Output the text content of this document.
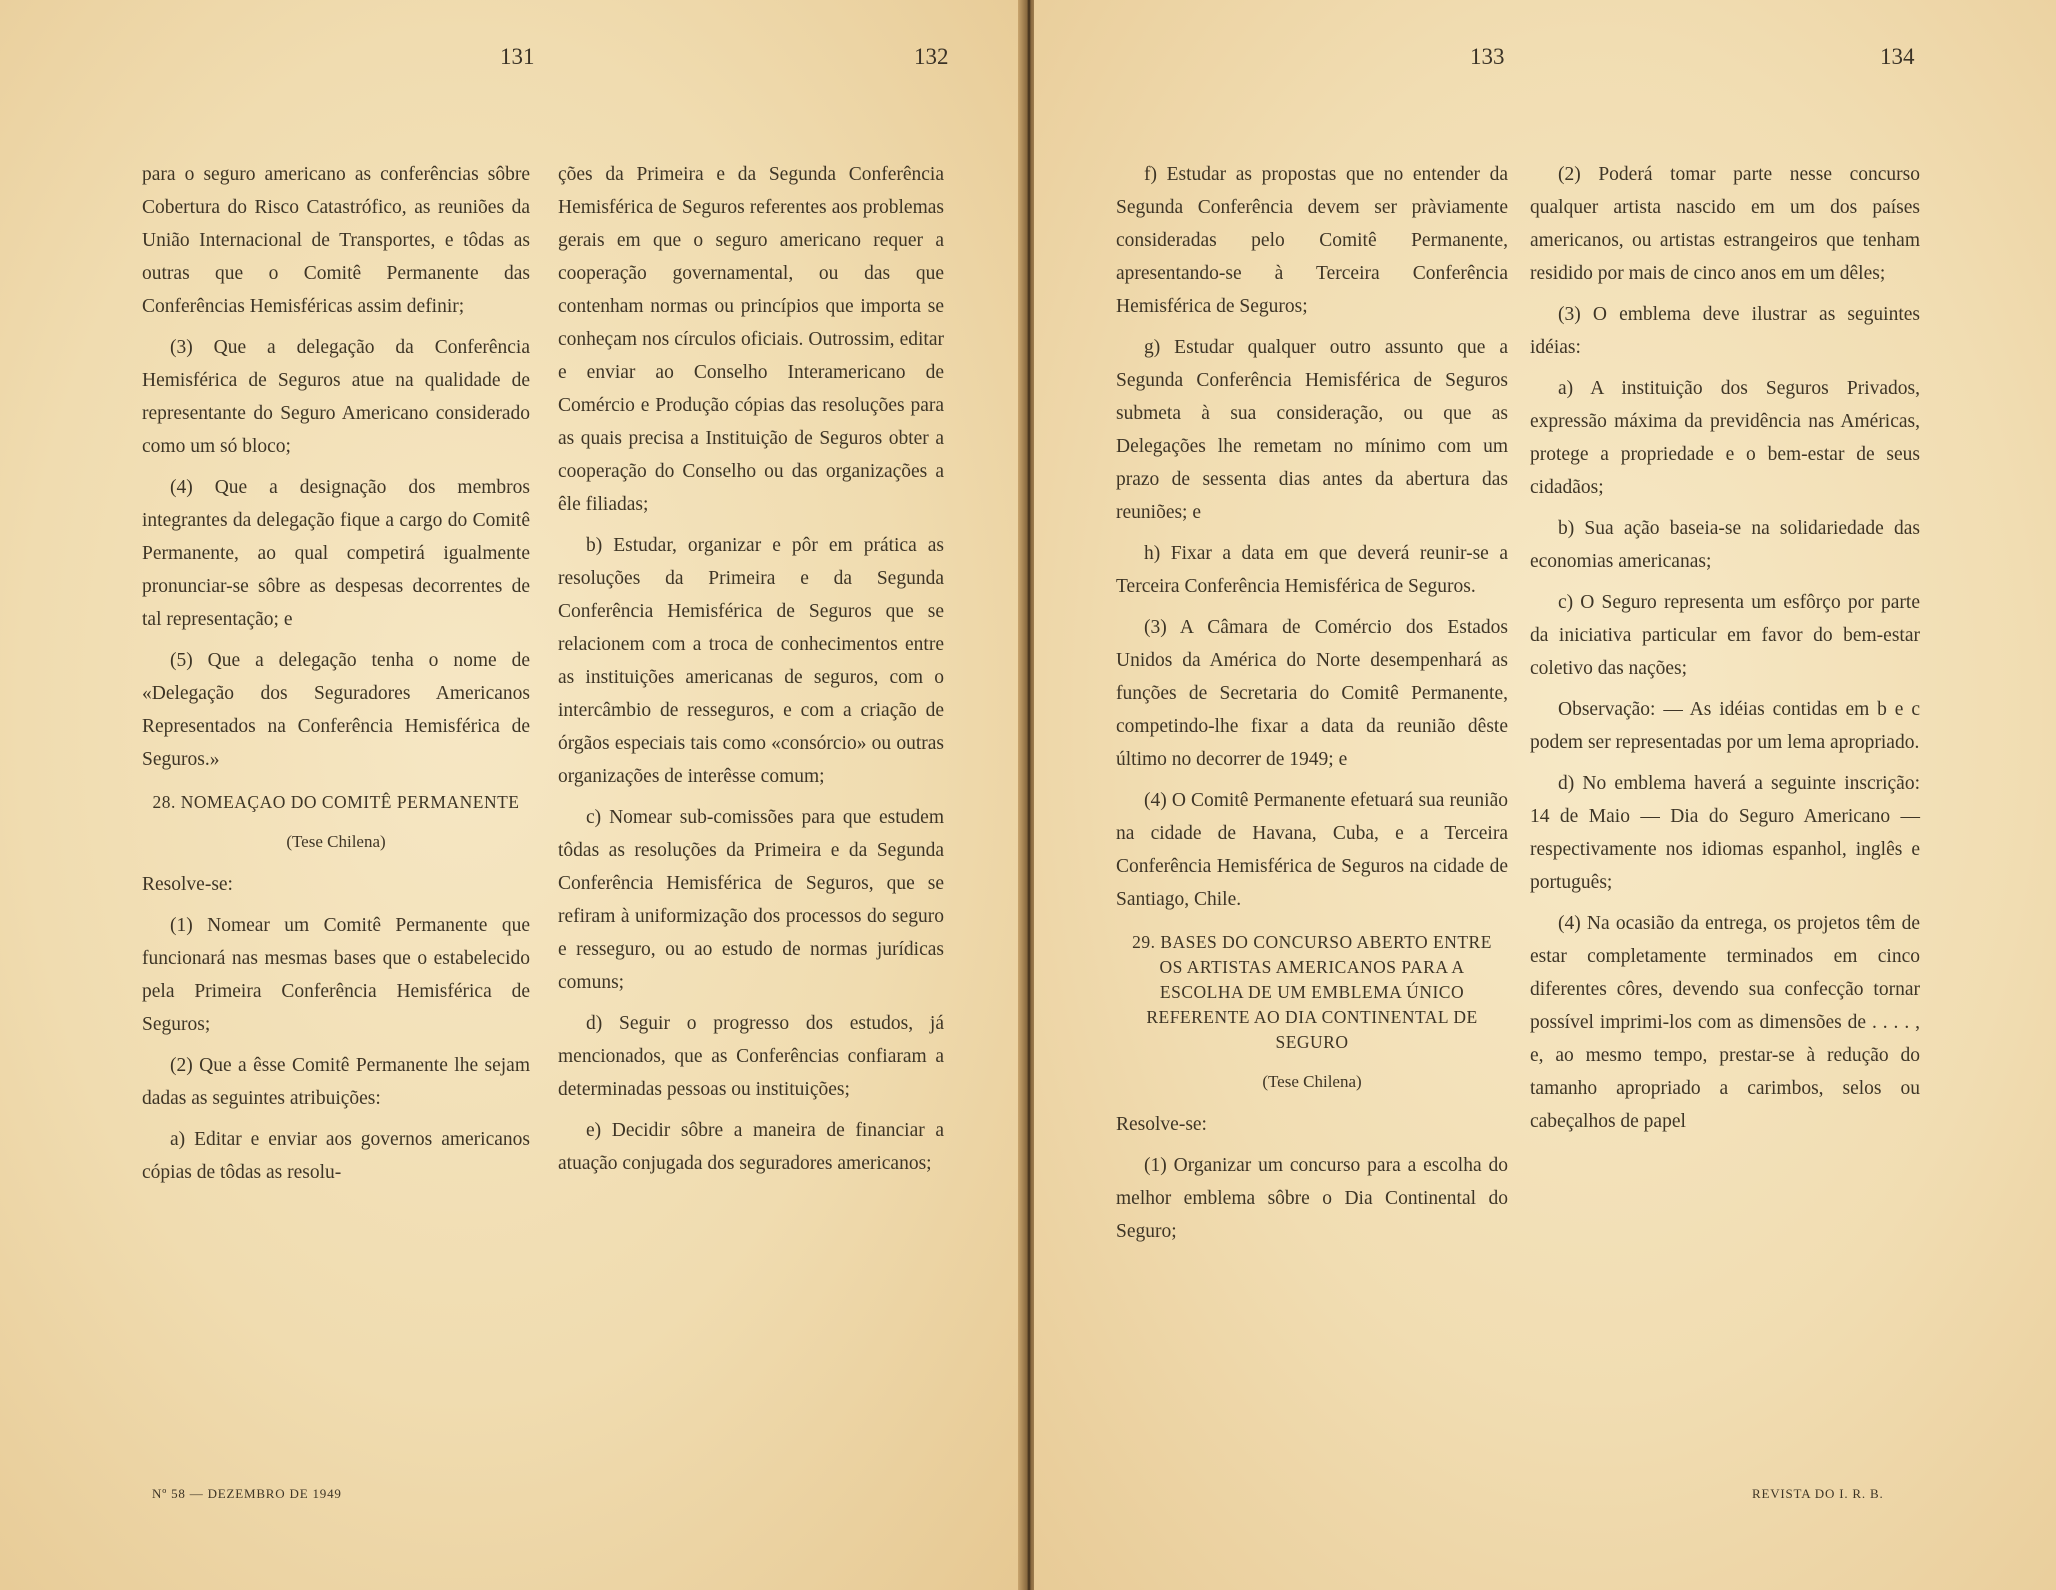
131	132

para o seguro americano as conferências sôbre Cobertura do Risco Catastrófico, as reuniões da União Internacional de Transportes, e tôdas as outras que o Comitê Permanente das Conferências Hemisféricas assim definir;

(3) Que a delegação da Conferência Hemisférica de Seguros atue na qualidade de representante do Seguro Americano considerado como um só bloco;

(4) Que a designação dos membros integrantes da delegação fique a cargo do Comitê Permanente, ao qual competirá igualmente pronunciar-se sôbre as despesas decorrentes de tal representação; e

(5) Que a delegação tenha o nome de «Delegação dos Seguradores Americanos Representados na Conferência Hemisférica de Seguros.»

28. NOMEAÇAO DO COMITÊ PERMANENTE
(Tese Chilena)

Resolve-se:

(1) Nomear um Comitê Permanente que funcionará nas mesmas bases que o estabelecido pela Primeira Conferência Hemisférica de Seguros;

(2) Que a êsse Comitê Permanente lhe sejam dadas as seguintes atribuições:

a) Editar e enviar aos governos americanos cópias de tôdas as resolu-

ções da Primeira e da Segunda Conferência Hemisférica de Seguros referentes aos problemas gerais em que o seguro americano requer a cooperação governamental, ou das que contenham normas ou princípios que importa se conheçam nos círculos oficiais. Outrossim, editar e enviar ao Conselho Interamericano de Comércio e Produção cópias das resoluções para as quais precisa a Instituição de Seguros obter a cooperação do Conselho ou das organizações a êle filiadas;

b) Estudar, organizar e pôr em prática as resoluções da Primeira e da Segunda Conferência Hemisférica de Seguros que se relacionem com a troca de conhecimentos entre as instituições americanas de seguros, com o intercâmbio de resseguros, e com a criação de órgãos especiais tais como «consórcio» ou outras organizações de interêsse comum;

c) Nomear sub-comissões para que estudem tôdas as resoluções da Primeira e da Segunda Conferência Hemisférica de Seguros, que se refiram à uniformização dos processos do seguro e resseguro, ou ao estudo de normas jurídicas comuns;

d) Seguir o progresso dos estudos, já mencionados, que as Conferências confiaram a determinadas pessoas ou instituições;

e) Decidir sôbre a maneira de financiar a atuação conjugada dos seguradores americanos;

Nº 58 — DEZEMBRO DE 1949
133	134

f) Estudar as propostas que no entender da Segunda Conferência devem ser pràviamente consideradas pelo Comitê Permanente, apresentando-se à Terceira Conferência Hemisférica de Seguros;

g) Estudar qualquer outro assunto que a Segunda Conferência Hemisférica de Seguros submeta à sua consideração, ou que as Delegações lhe remetam no mínimo com um prazo de sessenta dias antes da abertura das reuniões; e

h) Fixar a data em que deverá reunir-se a Terceira Conferência Hemisférica de Seguros.

(3) A Câmara de Comércio dos Estados Unidos da América do Norte desempenhará as funções de Secretaria do Comitê Permanente, competindo-lhe fixar a data da reunião dêste último no decorrer de 1949; e

(4) O Comitê Permanente efetuará sua reunião na cidade de Havana, Cuba, e a Terceira Conferência Hemisférica de Seguros na cidade de Santiago, Chile.

29. BASES DO CONCURSO ABERTO ENTRE OS ARTISTAS AMERICANOS PARA A ESCOLHA DE UM EMBLEMA ÚNICO REFERENTE AO DIA CONTINENTAL DE SEGURO
(Tese Chilena)

Resolve-se:

(1) Organizar um concurso para a escolha do melhor emblema sôbre o Dia Continental do Seguro;

(2) Poderá tomar parte nesse concurso qualquer artista nascido em um dos países americanos, ou artistas estrangeiros que tenham residido por mais de cinco anos em um dêles;

(3) O emblema deve ilustrar as seguintes idéias:

a) A instituição dos Seguros Privados, expressão máxima da previdência nas Américas, protege a propriedade e o bem-estar de seus cidadãos;

b) Sua ação baseia-se na solidariedade das economias americanas;

c) O Seguro representa um esfôrço por parte da iniciativa particular em favor do bem-estar coletivo das nações;

Observação: — As idéias contidas em b e c podem ser representadas por um lema apropriado.

d) No emblema haverá a seguinte inscrição: 14 de Maio — Dia do Seguro Americano — respectivamente nos idiomas espanhol, inglês e português;

(4) Na ocasião da entrega, os projetos têm de estar completamente terminados em cinco diferentes côres, devendo sua confecção tornar possível imprimi-los com as dimensões de . . . . , e, ao mesmo tempo, prestar-se à redução do tamanho apropriado a carimbos, selos ou cabeçalhos de papel

REVISTA DO I. R. B.
